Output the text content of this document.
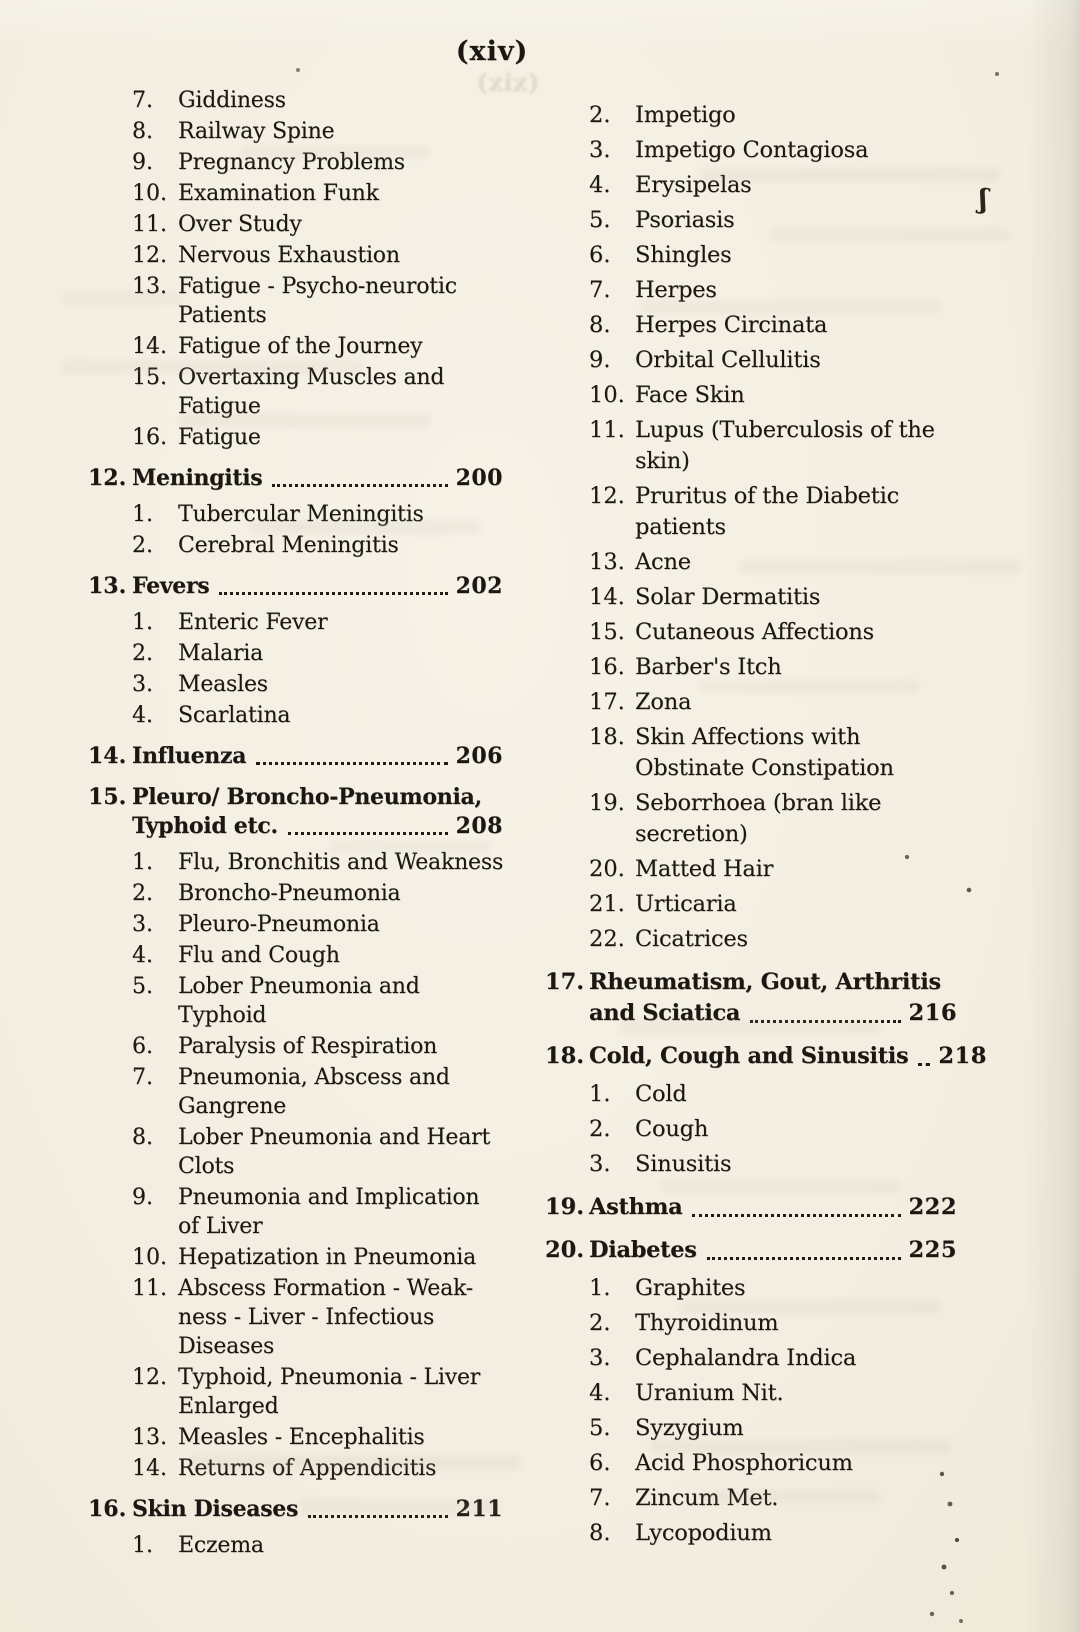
(xiv)
(xix)
7.	Giddiness
8.	Railway Spine
9.	Pregnancy Problems
10. Examination Funk
11. Over Study
12. Nervous Exhaustion
13. Fatigue - Psycho-neurotic
Patients
14. Fatigue of the Journey
15. Overtaxing Muscles and
Fatigue
16. Fatigue
12. Meningitis	200
1.	Tubercular Meningitis
2.	Cerebral Meningitis
13. Fevers	202
1.	Enteric Fever
2.	Malaria
3.	Measles
4.	Scarlatina
14. Influenza	206
15. Pleuro/ Broncho-Pneumonia,
Typhoid etc.	208
1.	Flu, Bronchitis and Weakness
2.	Broncho-Pneumonia
3.	Pleuro-Pneumonia
4.	Flu and Cough
5.	Lober Pneumonia and
Typhoid
6.	Paralysis of Respiration
7.	Pneumonia, Abscess and
Gangrene
8.	Lober Pneumonia and Heart
Clots
9.	Pneumonia and Implication
of Liver
10. Hepatization in Pneumonia
11. Abscess Formation - Weak-
ness - Liver - Infectious
Diseases
12. Typhoid, Pneumonia - Liver
Enlarged
13. Measles - Encephalitis
14. Returns of Appendicitis
16. Skin Diseases	211
1.	Eczema
2.	Impetigo
3.	Impetigo Contagiosa
4.	Erysipelas
5.	Psoriasis
6.	Shingles
7.	Herpes
8.	Herpes Circinata
9.	Orbital Cellulitis
10. Face Skin
11. Lupus (Tuberculosis of the
skin)
12. Pruritus of the Diabetic
patients
13. Acne
14. Solar Dermatitis
15. Cutaneous Affections
16. Barber's Itch
17. Zona
18. Skin Affections with
Obstinate Constipation
19. Seborrhoea (bran like
secretion)
20. Matted Hair
21. Urticaria
22. Cicatrices
17. Rheumatism, Gout, Arthritis
and Sciatica	216
18. Cold, Cough and Sinusitis 218
1.	Cold
2.	Cough
3.	Sinusitis
19. Asthma	222
20. Diabetes	225
1.	Graphites
2.	Thyroidinum
3.	Cephalandra Indica
4.	Uranium Nit.
5.	Syzygium
6.	Acid Phosphoricum
7.	Zincum Met.
8.	Lycopodium
ʃ
